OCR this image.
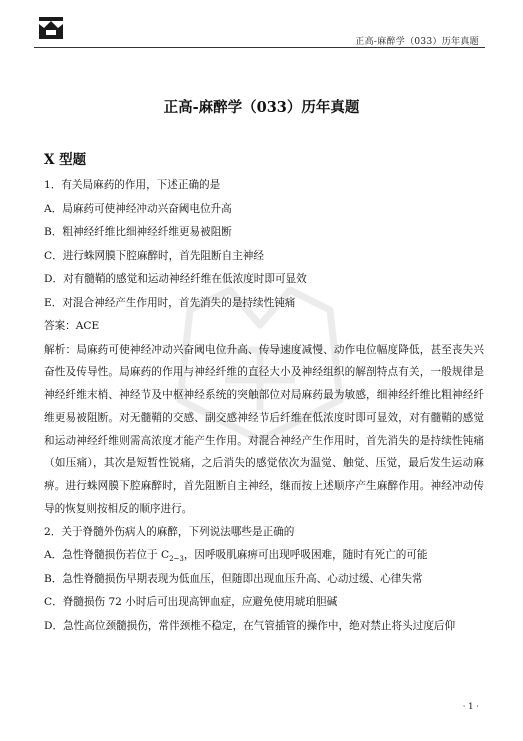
正高-麻醉学（033）历年真题
正高-麻醉学（033）历年真题
X 型题
1．有关局麻药的作用，下述正确的是
A．局麻药可使神经冲动兴奋阈电位升高
B．粗神经纤维比细神经纤维更易被阻断
C．进行蛛网膜下腔麻醉时，首先阻断自主神经
D．对有髓鞘的感觉和运动神经纤维在低浓度时即可显效
E．对混合神经产生作用时，首先消失的是持续性钝痛
答案：ACE
解析：局麻药可使神经冲动兴奋阈电位升高、传导速度减慢、动作电位幅度降低，甚至丧失兴奋性及传导性。局麻药的作用与神经纤维的直径大小及神经组织的解剖特点有关，一般规律是神经纤维末梢、神经节及中枢神经系统的突触部位对局麻药最为敏感，细神经纤维比粗神经纤维更易被阻断。对无髓鞘的交感、副交感神经节后纤维在低浓度时即可显效，对有髓鞘的感觉和运动神经纤维则需高浓度才能产生作用。对混合神经产生作用时，首先消失的是持续性钝痛（如压痛），其次是短暂性锐痛，之后消失的感觉依次为温觉、触觉、压觉，最后发生运动麻痹。进行蛛网膜下腔麻醉时，首先阻断自主神经，继而按上述顺序产生麻醉作用。神经冲动传导的恢复则按相反的顺序进行。
2．关于脊髓外伤病人的麻醉，下列说法哪些是正确的
A．急性脊髓损伤若位于 $C_{2\sim 3}$，因呼吸肌麻痹可出现呼吸困难，随时有死亡的可能
B．急性脊髓损伤早期表现为低血压，但随即出现血压升高、心动过缓、心律失常
C．脊髓损伤 72 小时后可出现高钾血症，应避免使用琥珀胆碱
D．急性高位颈髓损伤，常伴颈椎不稳定，在气管插管的操作中，绝对禁止将头过度后仰
· 1 ·
